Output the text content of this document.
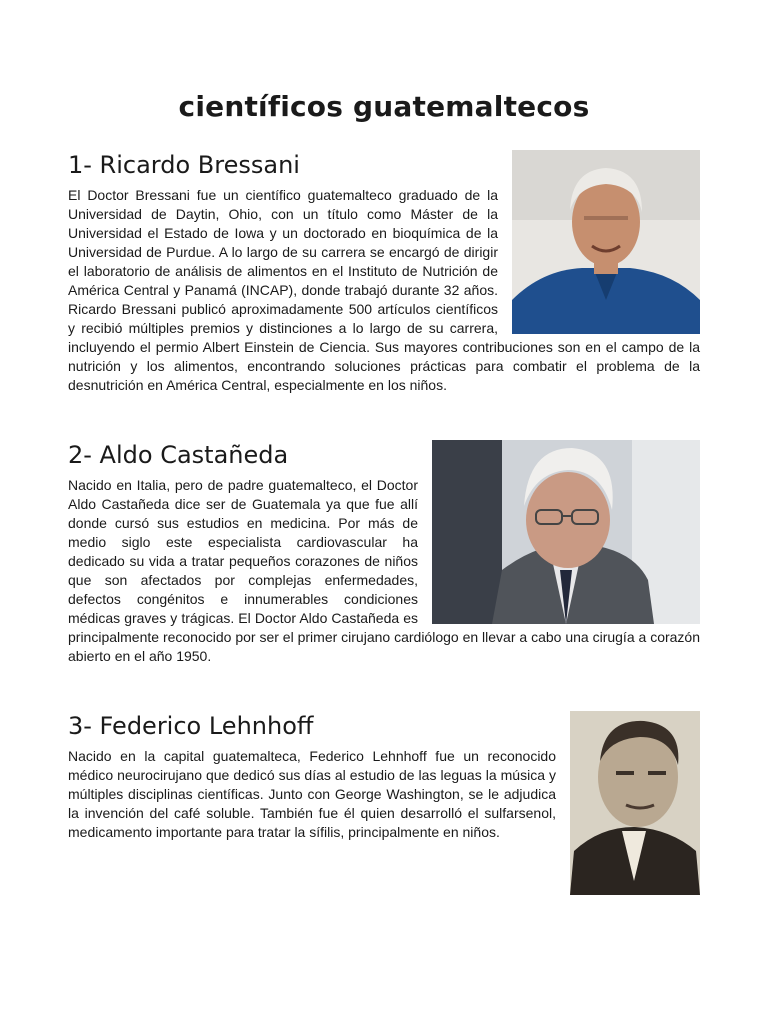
científicos guatemaltecos
1- Ricardo Bressani

El Doctor Bressani fue un científico guatemalteco graduado de la Universidad de Daytin, Ohio, con un título como Máster de la Universidad el Estado de Iowa y un doctorado en bioquímica de la Universidad de Purdue. A lo largo de su carrera se encargó de dirigir el laboratorio de análisis de alimentos en el Instituto de Nutrición de América Central y Panamá (INCAP), donde trabajó durante 32 años. Ricardo Bressani publicó aproximadamente 500 artículos científicos y recibió múltiples premios y distinciones a lo largo de su carrera, incluyendo el permio Albert Einstein de Ciencia. Sus mayores contribuciones son en el campo de la nutrición y los alimentos, encontrando soluciones prácticas para combatir el problema de la desnutrición en América Central, especialmente en los niños.

2- Aldo Castañeda

Nacido en Italia, pero de padre guatemalteco, el Doctor Aldo Castañeda dice ser de Guatemala ya que fue allí donde cursó sus estudios en medicina. Por más de medio siglo este especialista cardiovascular ha dedicado su vida a tratar pequeños corazones de niños que son afectados por complejas enfermedades, defectos congénitos e innumerables condiciones médicas graves y trágicas. El Doctor Aldo Castañeda es principalmente reconocido por ser el primer cirujano cardiólogo en llevar a cabo una cirugía a corazón abierto en el año 1950.

3- Federico Lehnhoff

Nacido en la capital guatemalteca, Federico Lehnhoff fue un reconocido médico neurocirujano que dedicó sus días al estudio de las leguas la música y múltiples disciplinas científicas. Junto con George Washington, se le adjudica la invención del café soluble. También fue él quien desarrolló el sulfarsenol, medicamento importante para tratar la sífilis, principalmente en niños.
